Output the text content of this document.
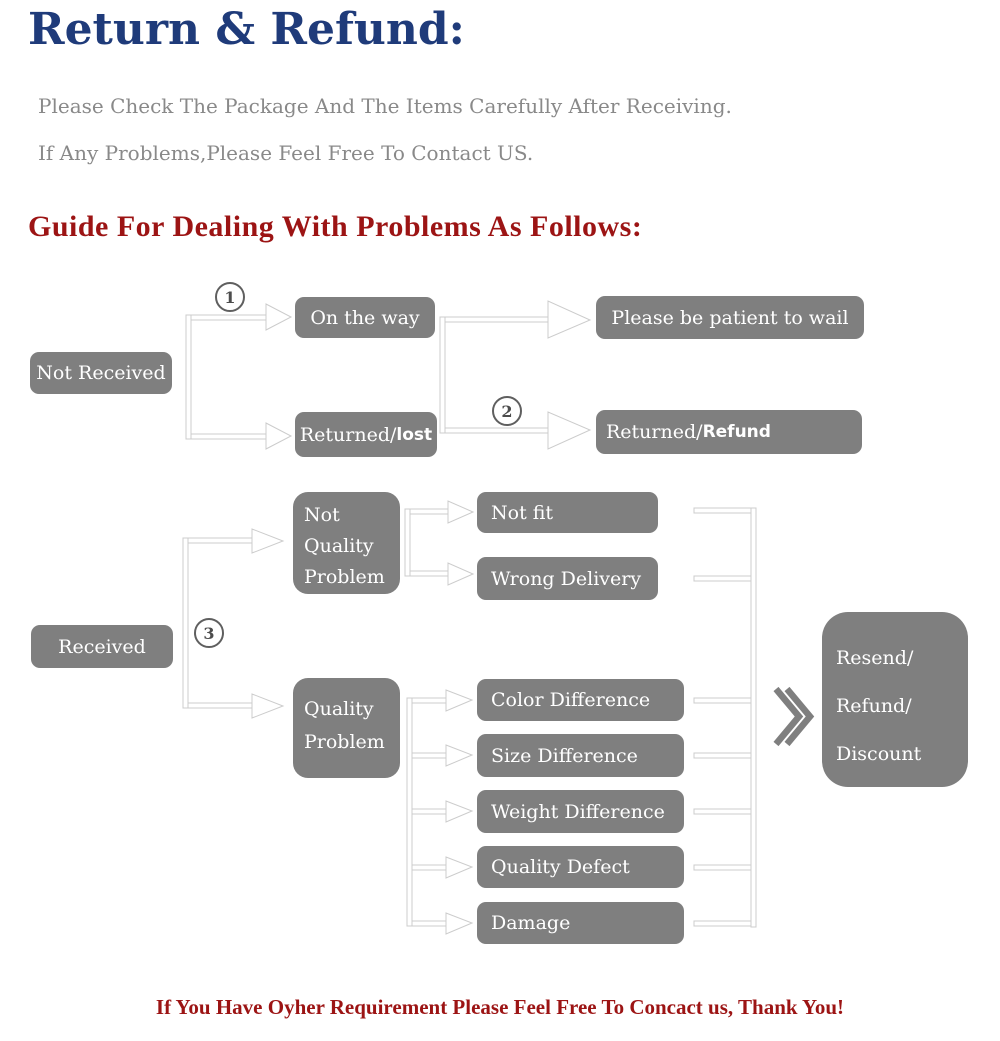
Return & Refund:
Please Check The Package And The Items Carefully After Receiving.
If Any Problems,Please Feel Free To Contact US.
Guide For Dealing With Problems As Follows:
1
2
3
Not Received
On the way
Returned/ lost
Please be patient to wail
Returned/ Refund
Received
Not
Quality
Problem
Not fit
Wrong Delivery
Quality
Problem
Color Difference
Size Difference
Weight Difference
Quality Defect
Damage
Resend/
Refund/
Discount
If You Have Oyher Requirement Please Feel Free To Concact us, Thank You!
